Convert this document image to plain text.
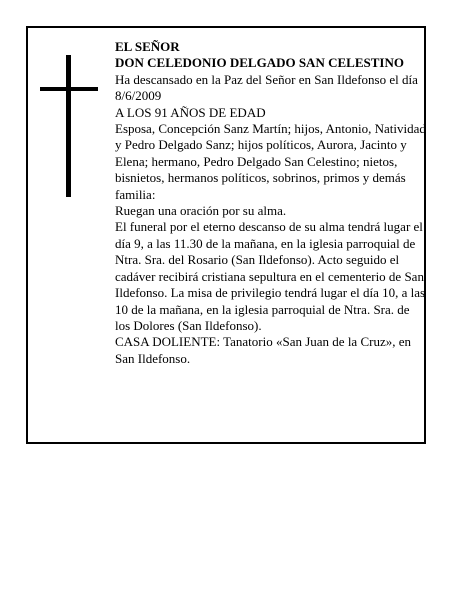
EL SEÑOR

DON CELEDONIO DELGADO SAN CELESTINO

Ha descansado en la Paz del Señor en San Ildefonso el día 8/6/2009

A LOS 91 AÑOS DE EDAD

Esposa, Concepción Sanz Martín; hijos, Antonio, Natividad y Pedro Delgado Sanz; hijos políticos, Aurora, Jacinto y Elena; hermano, Pedro Delgado San Celestino; nietos, bisnietos, hermanos políticos, sobrinos, primos y demás familia:

Ruegan una oración por su alma.

El funeral por el eterno descanso de su alma tendrá lugar el día 9, a las 11.30 de la mañana, en la iglesia parroquial de Ntra. Sra. del Rosario (San Ildefonso). Acto seguido el cadáver recibirá cristiana sepultura en el cementerio de San Ildefonso. La misa de privilegio tendrá lugar el día 10, a las 10 de la mañana, en la iglesia parroquial de Ntra. Sra. de los Dolores (San Ildefonso).

CASA DOLIENTE: Tanatorio «San Juan de la Cruz», en San Ildefonso.
